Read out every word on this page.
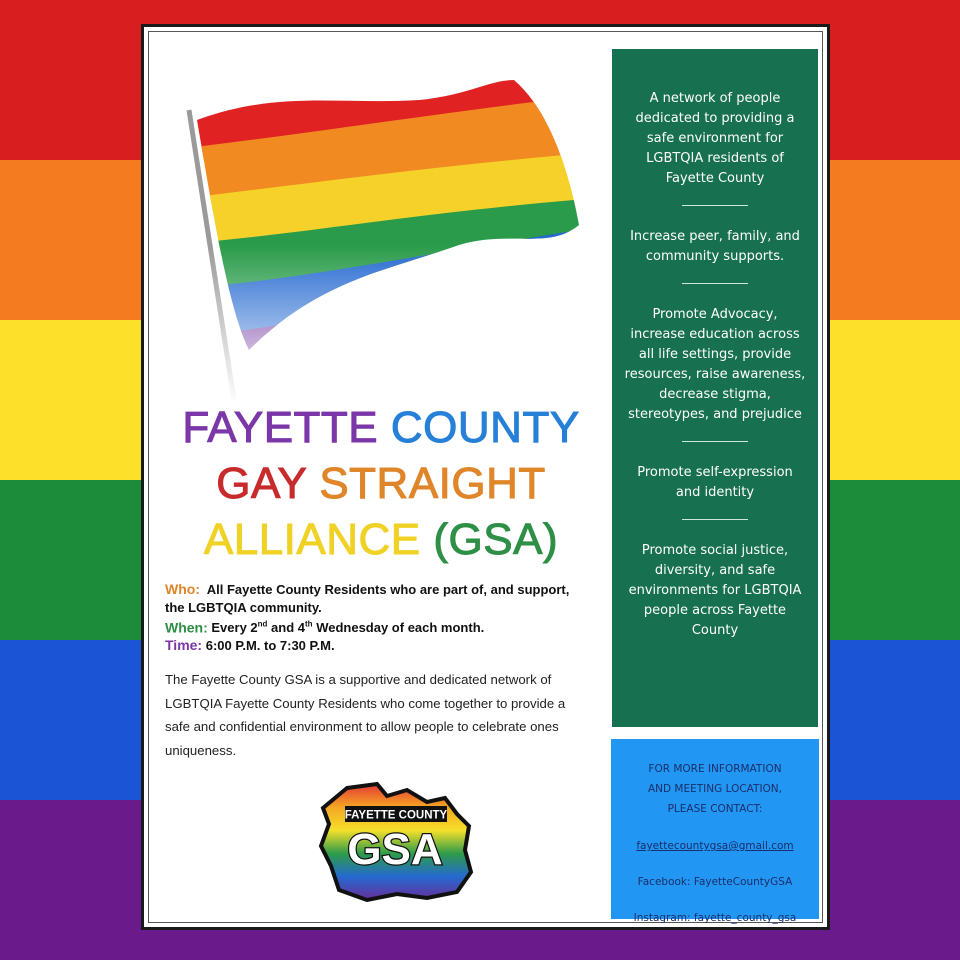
FAYETTE COUNTY
GAY STRAIGHT
ALLIANCE (GSA)
Who: All Fayette County Residents who are part of, and support, the LGBTQIA community.
When: Every 2nd and 4th Wednesday of each month.
Time: 6:00 P.M. to 7:30 P.M.
The Fayette County GSA is a supportive and dedicated network of LGBTQIA Fayette County Residents who come together to provide a safe and confidential environment to allow people to celebrate ones uniqueness.
FAYETTE COUNTY
GSA

A network of people dedicated to providing a safe environment for LGBTQIA residents of Fayette County

Increase peer, family, and community supports.

Promote Advocacy, increase education across all life settings, provide resources, raise awareness, decrease stigma, stereotypes, and prejudice

Promote self-expression and identity

Promote social justice, diversity, and safe environments for LGBTQIA people across Fayette County

FOR MORE INFORMATION
AND MEETING LOCATION,
PLEASE CONTACT:
fayettecountygsa@gmail.com
Facebook: FayetteCountyGSA
Instagram: fayette_county_gsa
